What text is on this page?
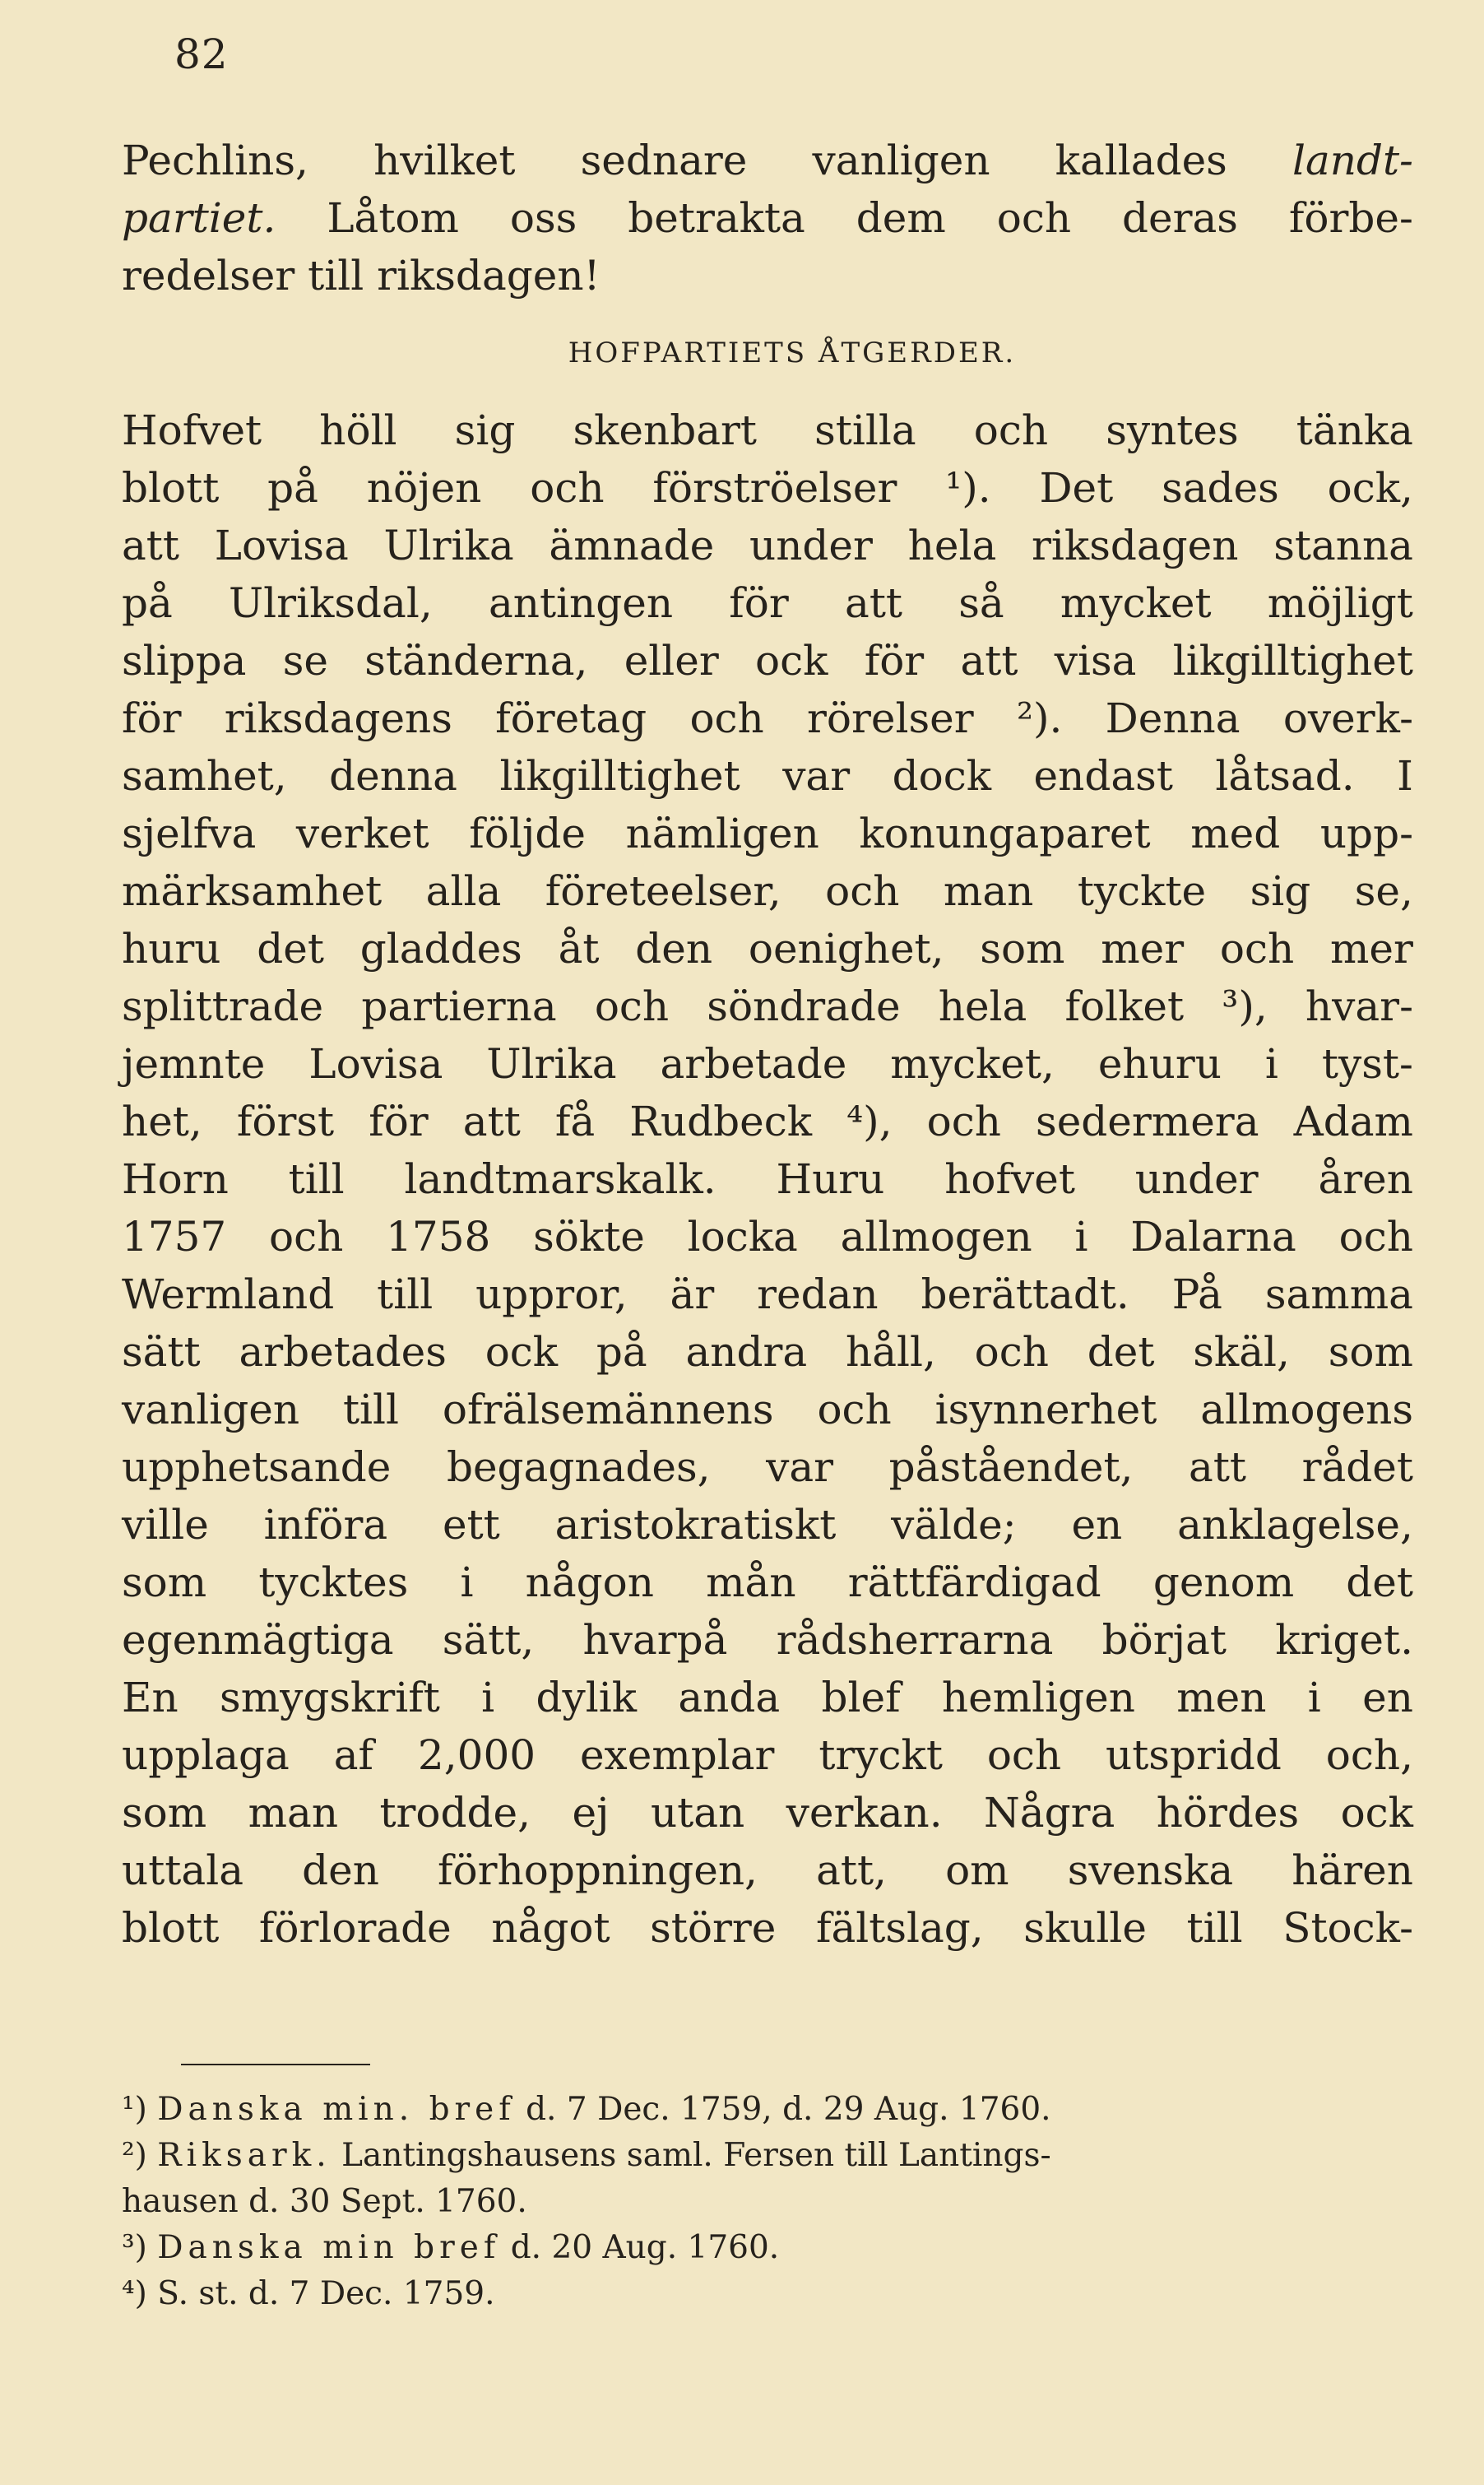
82
Pechlins, hvilket sednare vanligen kallades landt-
partiet. Låtom oss betrakta dem och deras förbe-
redelser till riksdagen!
HOFPARTIETS ÅTGERDER.
Hofvet höll sig skenbart stilla och syntes tänka
blott på nöjen och förströelser ¹). Det sades ock,
att Lovisa Ulrika ämnade under hela riksdagen stanna
på Ulriksdal, antingen för att så mycket möjligt
slippa se ständerna, eller ock för att visa likgilltighet
för riksdagens företag och rörelser ²). Denna overk-
samhet, denna likgilltighet var dock endast låtsad. I
sjelfva verket följde nämligen konungaparet med upp-
märksamhet alla företeelser, och man tyckte sig se,
huru det gladdes åt den oenighet, som mer och mer
splittrade partierna och söndrade hela folket ³), hvar-
jemnte Lovisa Ulrika arbetade mycket, ehuru i tyst-
het, först för att få Rudbeck ⁴), och sedermera Adam
Horn till landtmarskalk. Huru hofvet under åren
1757 och 1758 sökte locka allmogen i Dalarna och
Wermland till uppror, är redan berättadt. På samma
sätt arbetades ock på andra håll, och det skäl, som
vanligen till ofrälsemännens och isynnerhet allmogens
upphetsande begagnades, var påståendet, att rådet
ville införa ett aristokratiskt välde; en anklagelse,
som tycktes i någon mån rättfärdigad genom det
egenmägtiga sätt, hvarpå rådsherrarna börjat kriget.
En smygskrift i dylik anda blef hemligen men i en
upplaga af 2,000 exemplar tryckt och utspridd och,
som man trodde, ej utan verkan. Några hördes ock
uttala den förhoppningen, att, om svenska hären
blott förlorade något större fältslag, skulle till Stock-
¹) Danska min. bref d. 7 Dec. 1759, d. 29 Aug. 1760.
²) Riksark. Lantingshausens saml. Fersen till Lantings-
hausen d. 30 Sept. 1760.
³) Danska min bref d. 20 Aug. 1760.
⁴) S. st. d. 7 Dec. 1759.
